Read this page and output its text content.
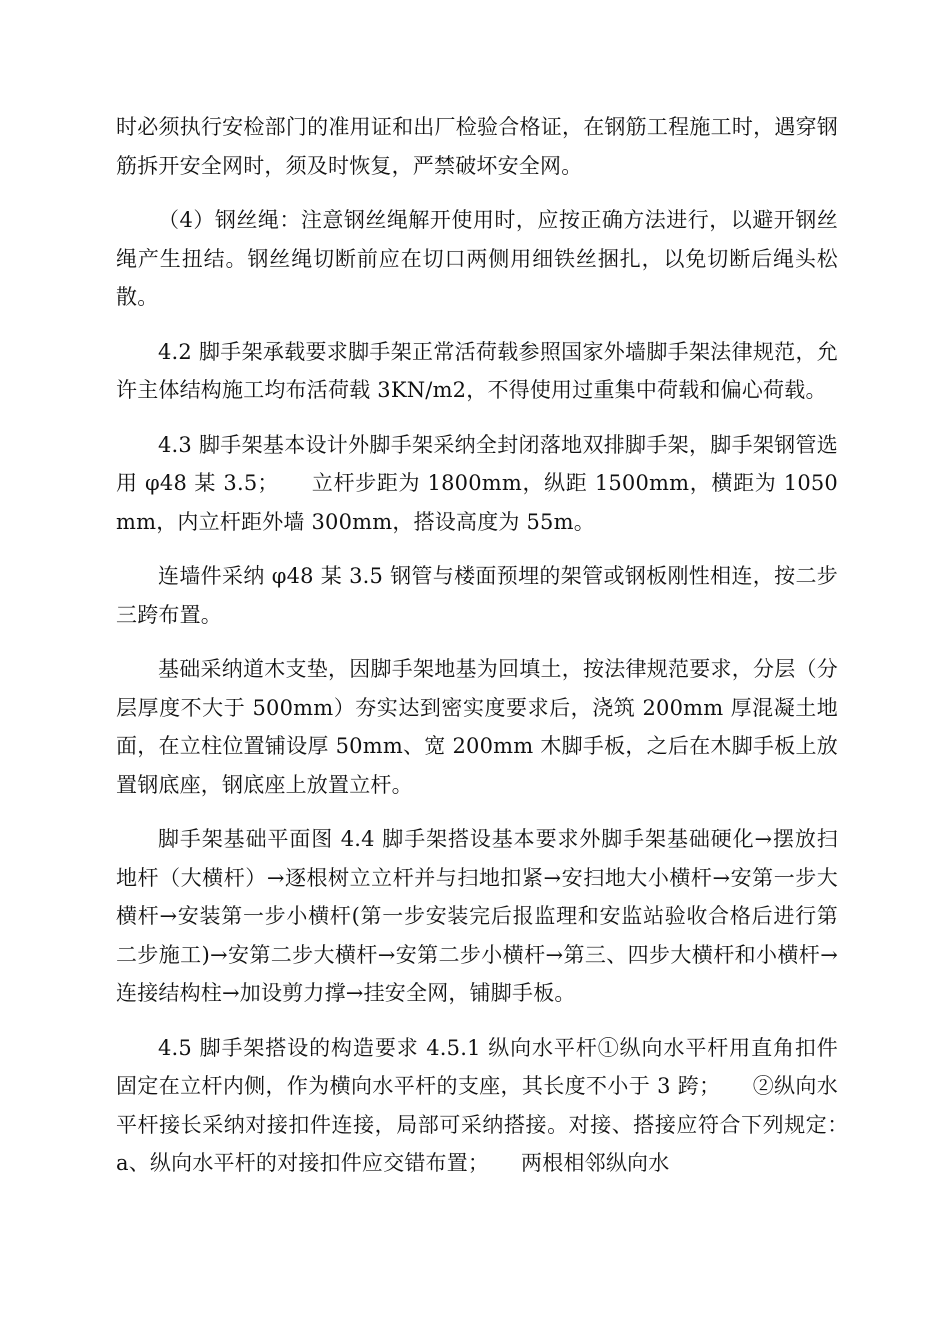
时必须执行安检部门的准用证和出厂检验合格证，在钢筋工程施工时，遇穿钢筋拆开安全网时，须及时恢复，严禁破坏安全网。

（4）钢丝绳：注意钢丝绳解开使用时，应按正确方法进行，以避开钢丝绳产生扭结。钢丝绳切断前应在切口两侧用细铁丝捆扎，以免切断后绳头松散。

4.2 脚手架承载要求脚手架正常活荷载参照国家外墙脚手架法律规范，允许主体结构施工均布活荷载 3KN/m2，不得使用过重集中荷载和偏心荷载。

4.3 脚手架基本设计外脚手架采纳全封闭落地双排脚手架，脚手架钢管选用 φ48 某 3.5；　　立杆步距为 1800mm，纵距 1500mm，横距为 1050mm，内立杆距外墙 300mm，搭设高度为 55m。

连墙件采纳 φ48 某 3.5 钢管与楼面预埋的架管或钢板刚性相连，按二步三跨布置。

基础采纳道木支垫，因脚手架地基为回填土，按法律规范要求，分层（分层厚度不大于 500mm）夯实达到密实度要求后，浇筑 200mm 厚混凝土地面，在立柱位置铺设厚 50mm、宽 200mm 木脚手板，之后在木脚手板上放置钢底座，钢底座上放置立杆。

脚手架基础平面图 4.4 脚手架搭设基本要求外脚手架基础硬化→摆放扫地杆（大横杆）→逐根树立立杆并与扫地扣紧→安扫地大小横杆→安第一步大横杆→安装第一步小横杆(第一步安装完后报监理和安监站验收合格后进行第二步施工)→安第二步大横杆→安第二步小横杆→第三、四步大横杆和小横杆→连接结构柱→加设剪力撑→挂安全网，铺脚手板。

4.5 脚手架搭设的构造要求 4.5.1 纵向水平杆①纵向水平杆用直角扣件固定在立杆内侧，作为横向水平杆的支座，其长度不小于 3 跨；　　②纵向水平杆接长采纳对接扣件连接，局部可采纳搭接。对接、搭接应符合下列规定：　a、纵向水平杆的对接扣件应交错布置；　　两根相邻纵向水
